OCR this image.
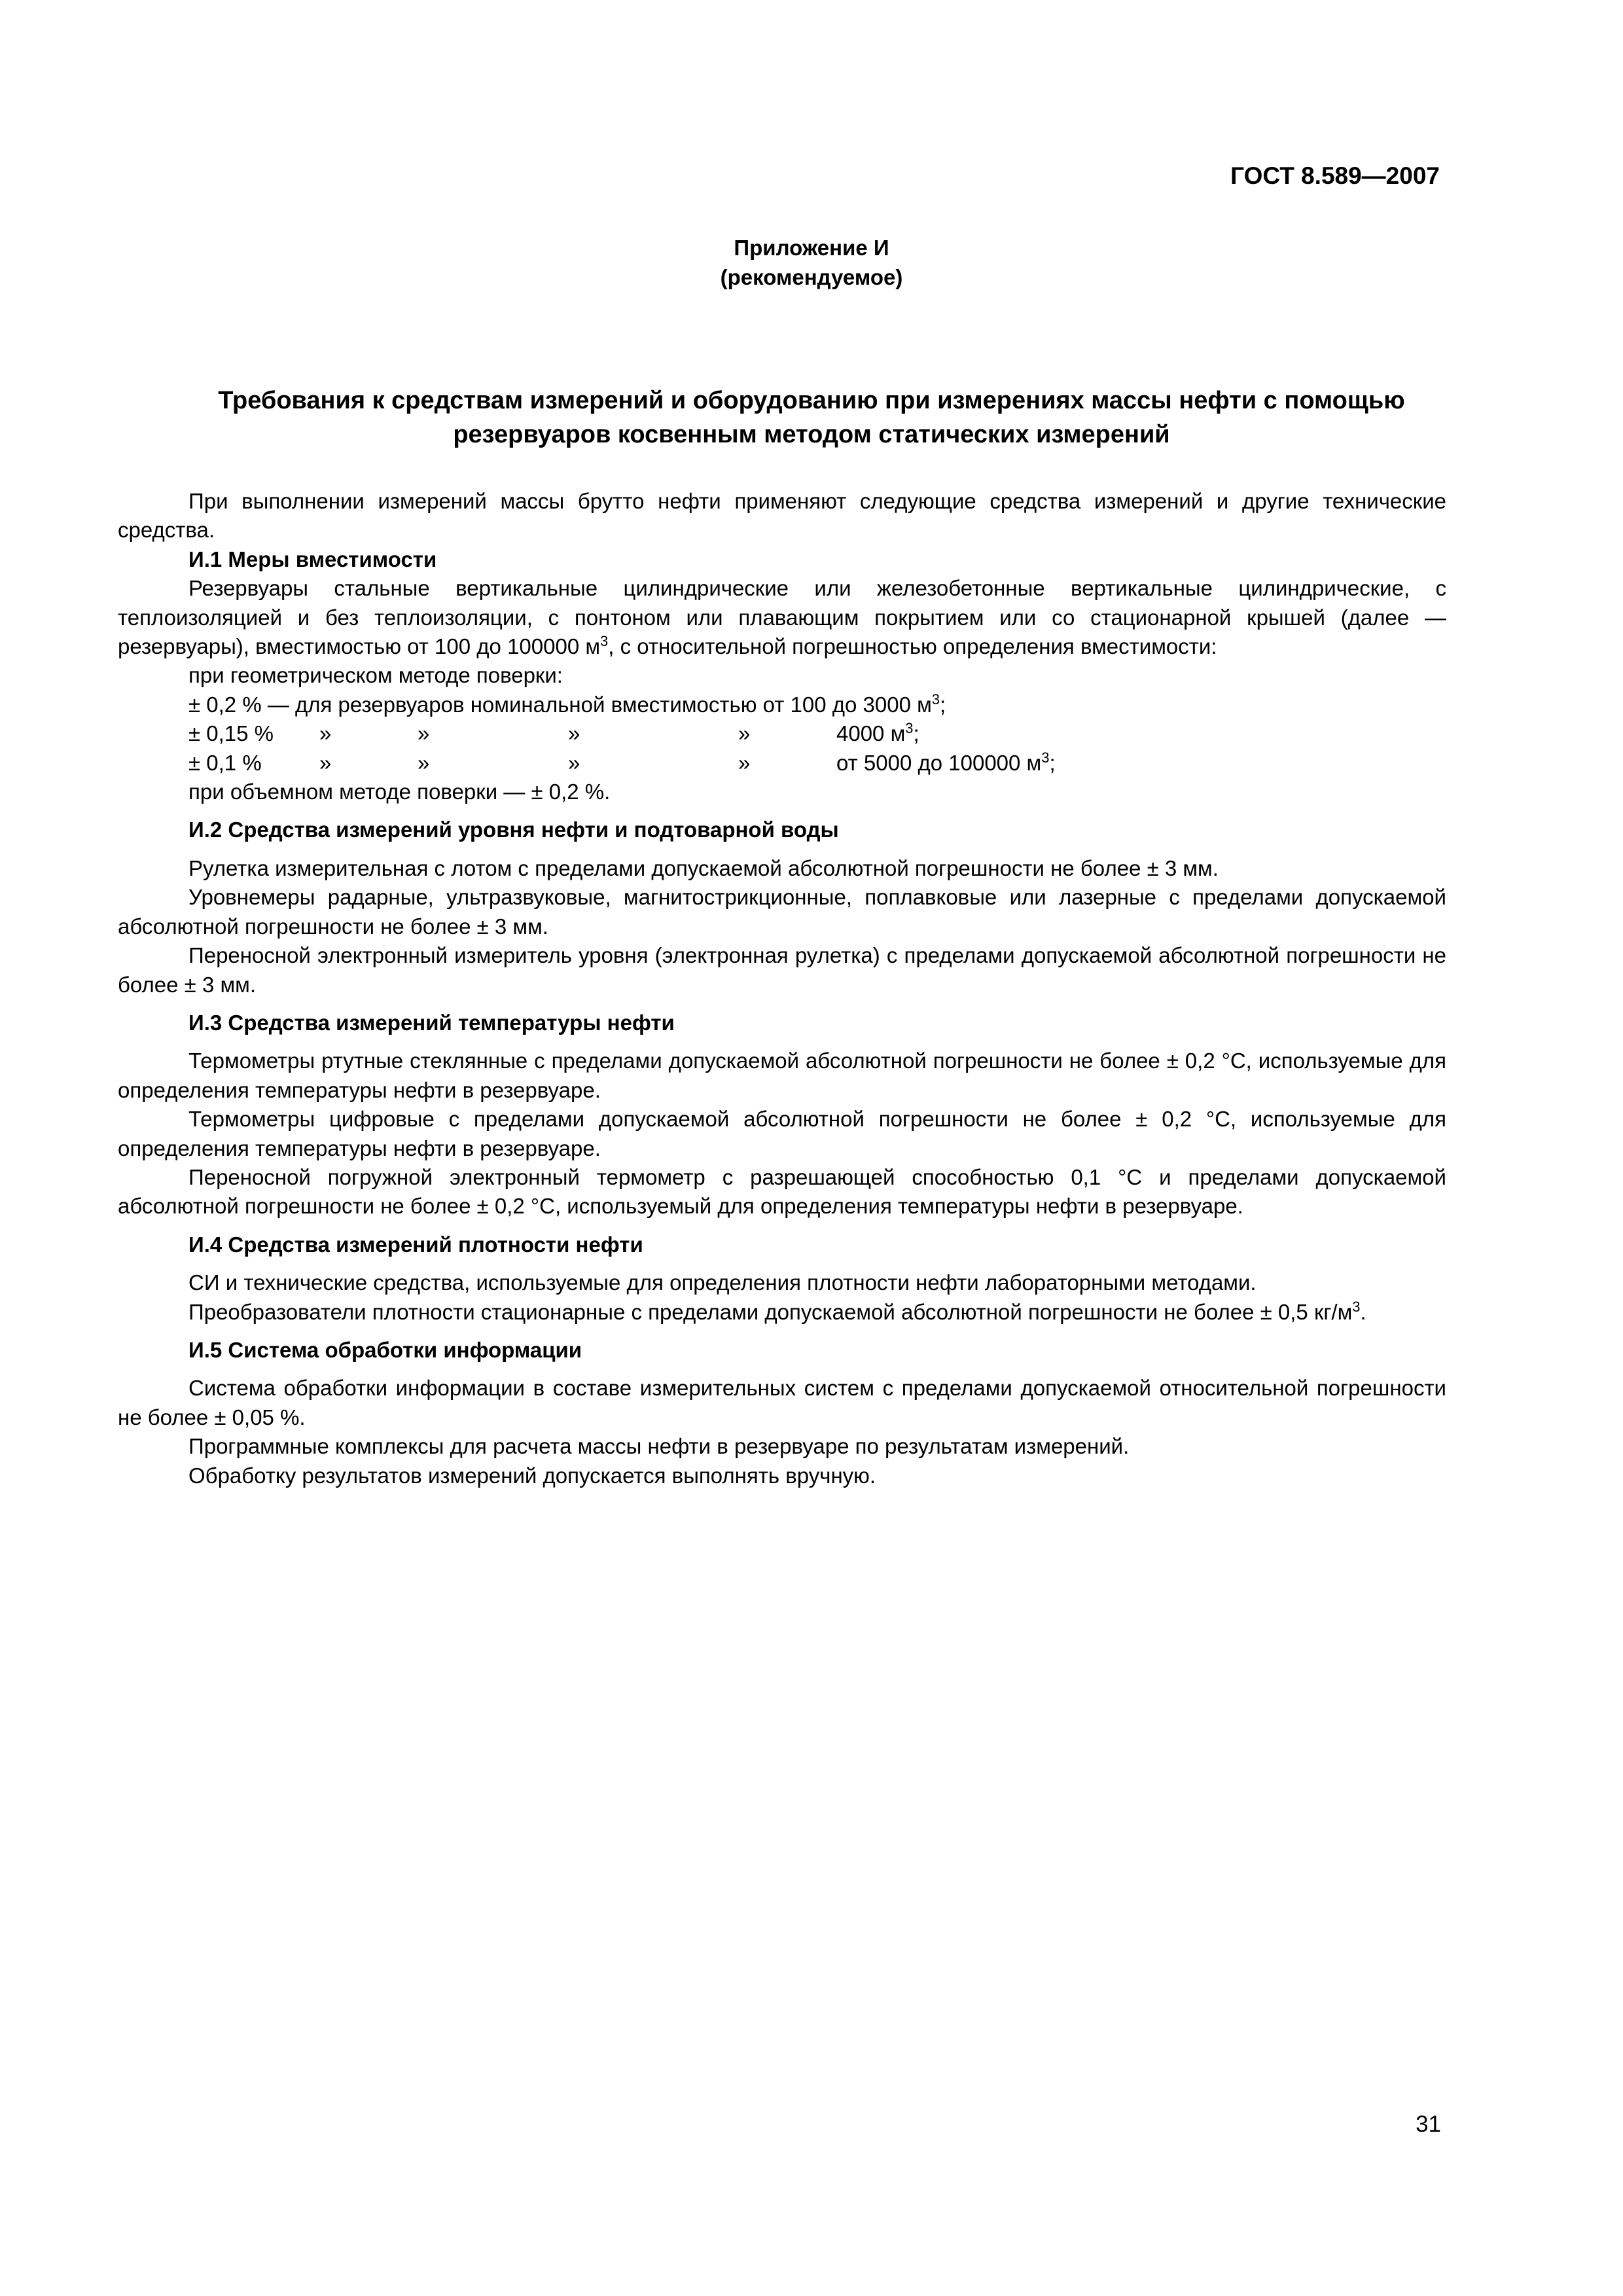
ГОСТ 8.589—2007
Приложение И
(рекомендуемое)
Требования к средствам измерений и оборудованию при измерениях массы нефти с помощью
резервуаров косвенным методом статических измерений

При выполнении измерений массы брутто нефти применяют следующие средства измерений и другие технические средства.

И.1 Меры вместимости

Резервуары стальные вертикальные цилиндрические или железобетонные вертикальные цилиндрические, с теплоизоляцией и без теплоизоляции, с понтоном или плавающим покрытием или со стационарной крышей (далее — резервуары), вместимостью от 100 до 100000 $м^3$, с относительной погрешностью определения вместимости:

при геометрическом методе поверки:

± 0,2 % — для резервуаров номинальной вместимостью от 100 до 3000 $м^3$;

± 0,15 %	»	»	»	»	4000 $м^3$;
± 0,1 %	»	»	»	»	от 5000 до 100000 $м^3$;

при объемном методе поверки — ± 0,2 %.

И.2 Средства измерений уровня нефти и подтоварной воды

Рулетка измерительная с лотом с пределами допускаемой абсолютной погрешности не более ± 3 мм.

Уровнемеры радарные, ультразвуковые, магнитострикционные, поплавковые или лазерные с пределами допускаемой абсолютной погрешности не более ± 3 мм.

Переносной электронный измеритель уровня (электронная рулетка) с пределами допускаемой абсолютной погрешности не более ± 3 мм.

И.3 Средства измерений температуры нефти

Термометры ртутные стеклянные с пределами допускаемой абсолютной погрешности не более ± 0,2 °С, используемые для определения температуры нефти в резервуаре.

Термометры цифровые с пределами допускаемой абсолютной погрешности не более ± 0,2 °С, используемые для определения температуры нефти в резервуаре.

Переносной погружной электронный термометр с разрешающей способностью 0,1 °С и пределами допускаемой абсолютной погрешности не более ± 0,2 °С, используемый для определения температуры нефти в резервуаре.

И.4 Средства измерений плотности нефти

СИ и технические средства, используемые для определения плотности нефти лабораторными методами.

Преобразователи плотности стационарные с пределами допускаемой абсолютной погрешности не более ± 0,5 $кг/м^3$.

И.5 Система обработки информации

Система обработки информации в составе измерительных систем с пределами допускаемой относительной погрешности не более ± 0,05 %.

Программные комплексы для расчета массы нефти в резервуаре по результатам измерений.

Обработку результатов измерений допускается выполнять вручную.

31
